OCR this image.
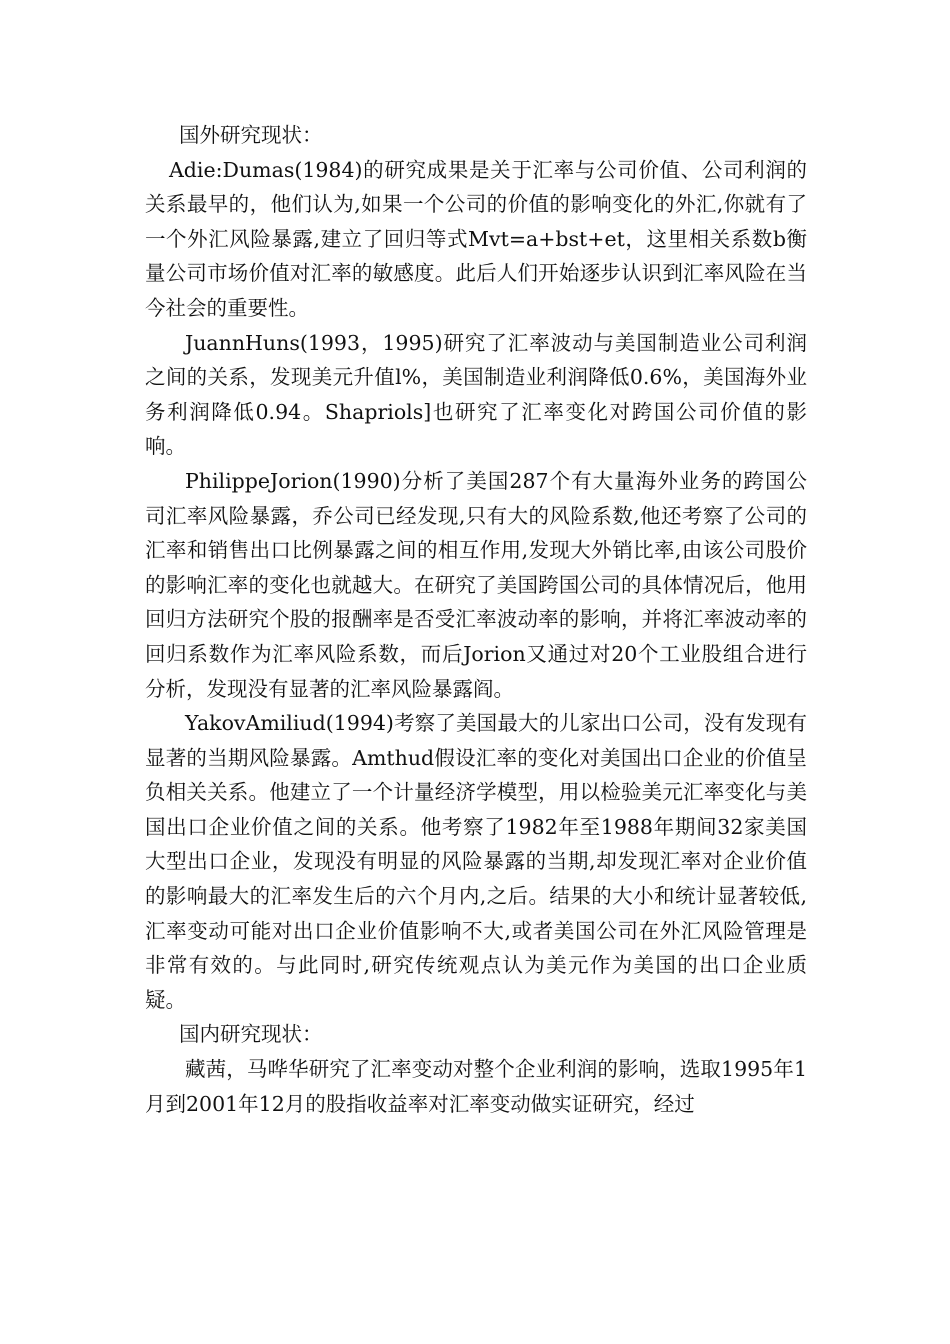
国外研究现状：

Adie:Dumas(1984)的研究成果是关于汇率与公司价值、公司利润的关系最早的，他们认为,如果一个公司的价值的影响变化的外汇,你就有了一个外汇风险暴露,建立了回归等式Mvt=a+bst+et，这里相关系数b衡量公司市场价值对汇率的敏感度。此后人们开始逐步认识到汇率风险在当今社会的重要性。

JuannHuns(1993，1995)研究了汇率波动与美国制造业公司利润之间的关系，发现美元升值l%，美国制造业利润降低0.6%，美国海外业务利润降低0.94。Shapriols]也研究了汇率变化对跨国公司价值的影响。

PhilippeJorion(1990)分析了美国287个有大量海外业务的跨国公司汇率风险暴露，乔公司已经发现,只有大的风险系数,他还考察了公司的汇率和销售出口比例暴露之间的相互作用,发现大外销比率,由该公司股价的影响汇率的变化也就越大。在研究了美国跨国公司的具体情况后，他用回归方法研究个股的报酬率是否受汇率波动率的影响，并将汇率波动率的回归系数作为汇率风险系数，而后Jorion又通过对20个工业股组合进行分析，发现没有显著的汇率风险暴露阎。

YakovAmiliud(1994)考察了美国最大的儿家出口公司，没有发现有显著的当期风险暴露。Amthud假设汇率的变化对美国出口企业的价值呈负相关关系。他建立了一个计量经济学模型，用以检验美元汇率变化与美国出口企业价值之间的关系。他考察了1982年至1988年期间32家美国大型出口企业，发现没有明显的风险暴露的当期,却发现汇率对企业价值的影响最大的汇率发生后的六个月内,之后。结果的大小和统计显著较低,汇率变动可能对出口企业价值影响不大,或者美国公司在外汇风险管理是非常有效的。与此同时,研究传统观点认为美元作为美国的出口企业质疑。

国内研究现状：

藏茜，马哗华研究了汇率变动对整个企业利润的影响，选取1995年1月到2001年12月的股指收益率对汇率变动做实证研究，经过
